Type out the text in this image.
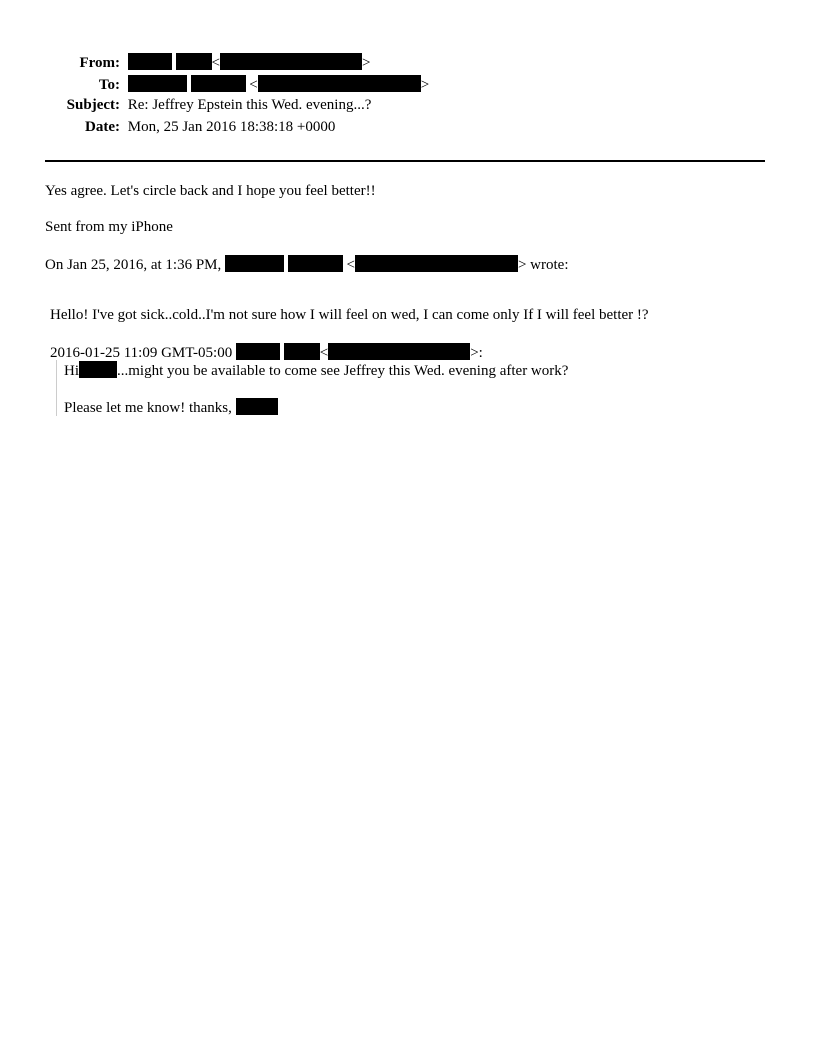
From:	<	>
To:	<	>
Subject: Re: Jeffrey Epstein this Wed. evening...?
Date: Mon, 25 Jan 2016 18:38:18 +0000
Yes agree. Let's circle back and I hope you feel better!!
Sent from my iPhone
On Jan 25, 2016, at 1:36 PM,	<	> wrote:
Hello! I've got sick..cold..I'm not sure how I will feel on wed, I can come only If I will feel better !?
2016-01-25 11:09 GMT-05:00	<	>:
Hi	...might you be available to come see Jeffrey this Wed. evening after work?
Please let me know! thanks,
